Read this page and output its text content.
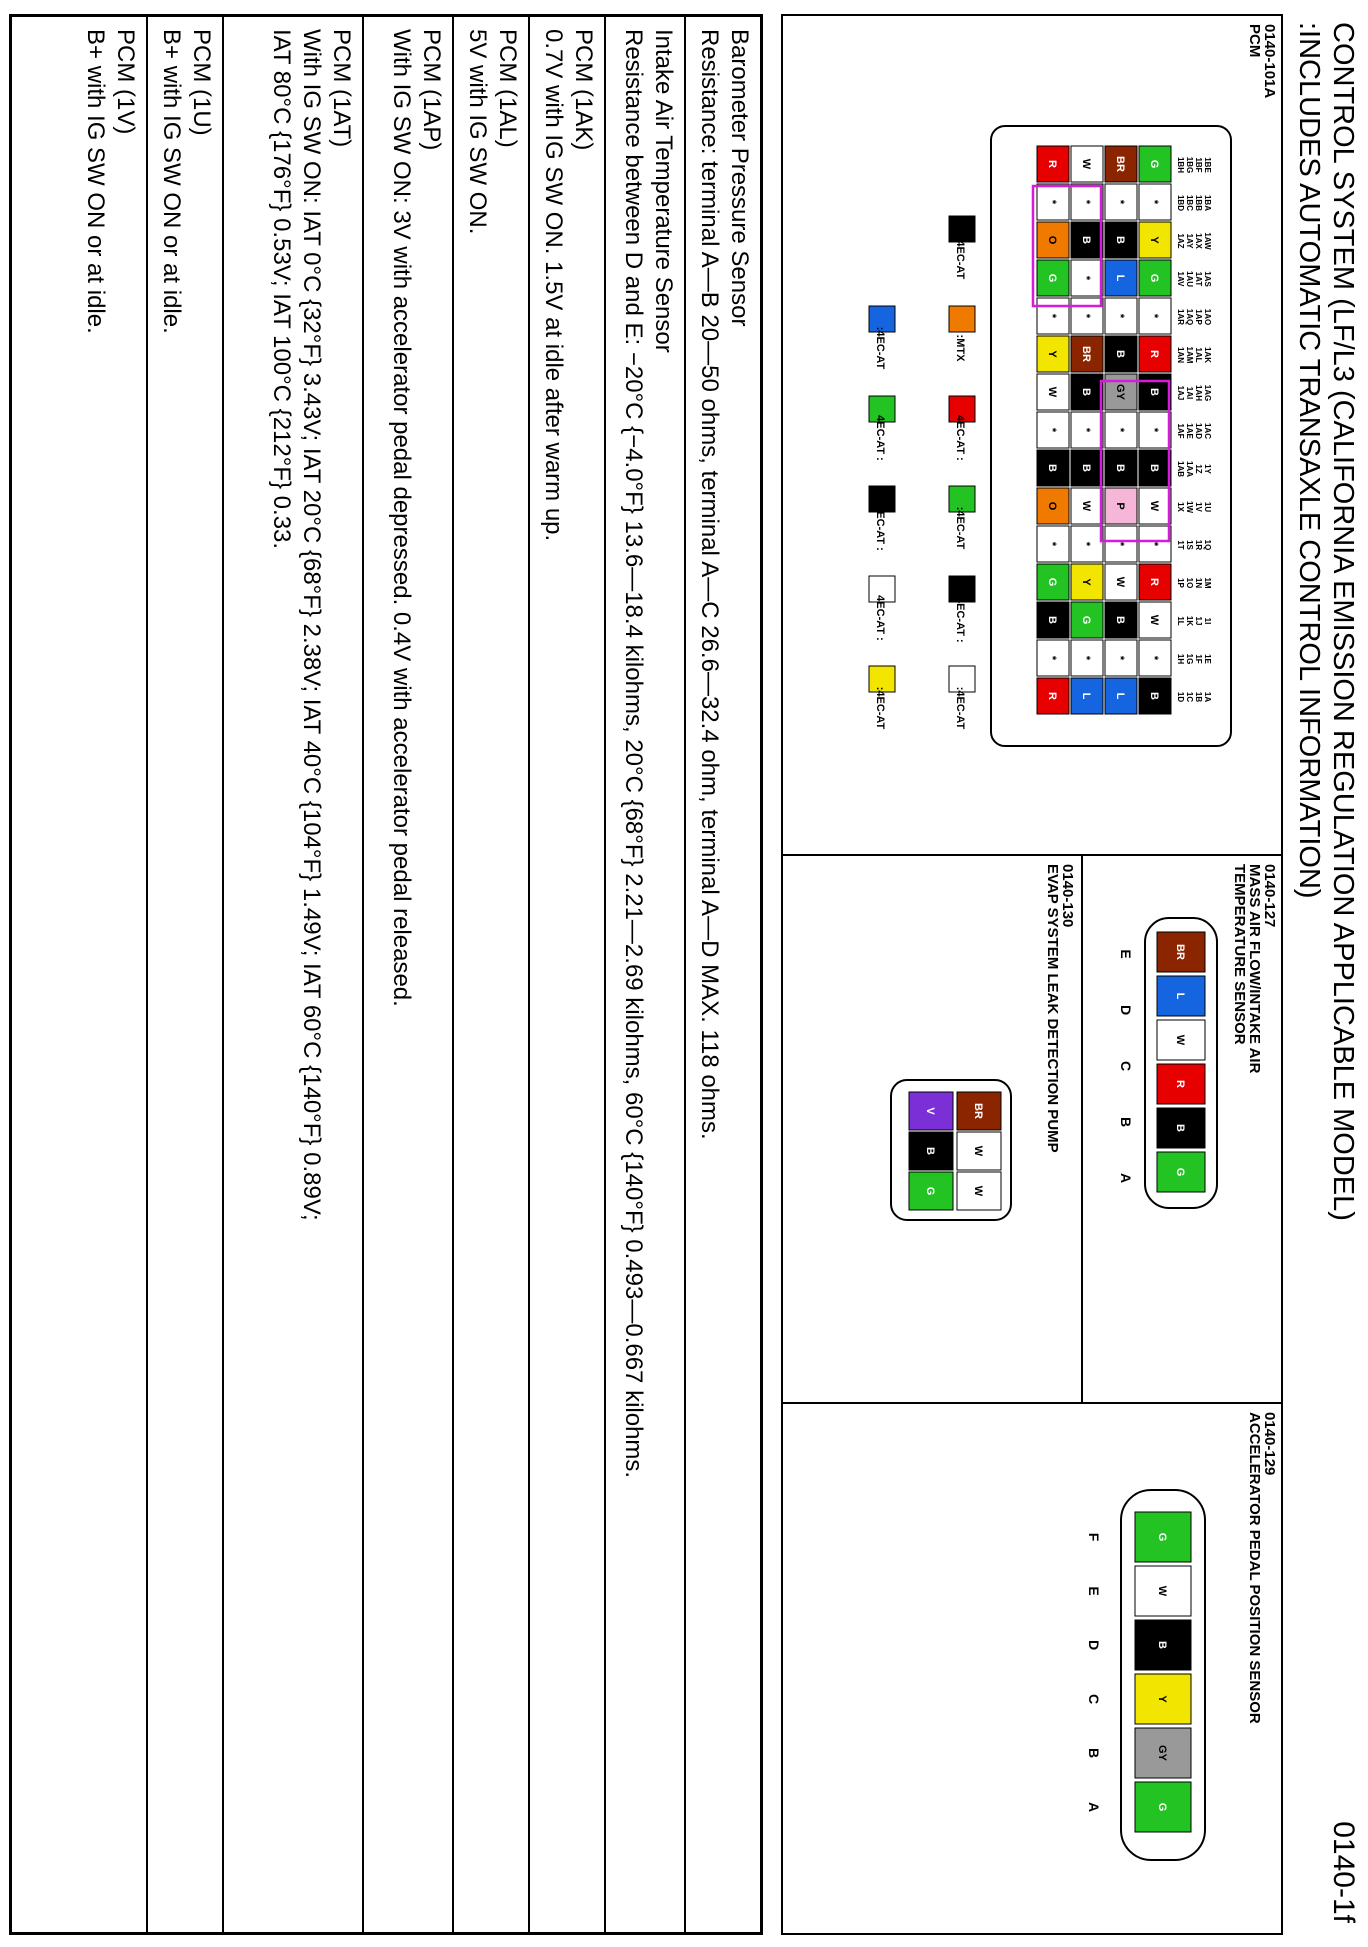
CONTROL SYSTEM (LF/L3 (CALIFORNIA EMISSION REGULATION APPLICABLE MODEL)
:INCLUDES AUTOMATIC TRANSAXLE CONTROL INFORMATION)
0140-1f
0140-101A
PCM
1BE
G
1BA
*
1AW
Y
1AS
G
1AO
*
1AK
R
1AG
B
1AC
*
1Y
B
1U
W
1Q
*
1M
R
1I
W
1E
*
1A
B
1BF
BR
1BB
*
1AX
B
1AT
L
1AP
*
1AL
B
1AH
GY
1AD
*
1Z
B
1V
P
1R
*
1N
W
1J
B
1F
*
1B
L
1BG
W
1BC
*
1AY
B
1AU
*
1AQ
*
1AM
BR
1AI
B
1AE
*
1AA
B
1W
W
1S
*
1O
Y
1K
G
1G
*
1C
L
1BH
R
1BD
*
1AZ
O
1AV
G
1AR
*
1AN
Y
1AJ
W
1AF
*
1AB
B
1X
O
1T
*
1P
G
1L
B
1H
*
1D
R
:4EC-AT
:4EC-AT :
:4EC-AT
4EC-AT :
:MTX
:4EC-AT
:4EC-AT
4EC-AT :
4EC-AT :
4EC-AT :
:4EC-AT
0140-127
MASS AIR FLOW/INTAKE AIR
TEMPERATURE SENSOR
BR
L
W
R
B
G
E
D
C
B
A
0140-130
EVAP SYSTEM LEAK DETECTION PUMP
BR
W
W
V
B
G
0140-129
ACCELERATOR PEDAL POSITION SENSOR
G
W
B
Y
GY
G
F
E
D
C
B
A
Barometer Pressure Sensor
Resistance: terminal A—B 20—50 ohms, terminal A—C 26.6—32.4 ohm, terminal A—D MAX. 118 ohms.
Intake Air Temperature Sensor
Resistance between D and E: −20°C {−4.0°F} 13.6—18.4 kilohms, 20°C {68°F} 2.21—2.69 kilohms, 60°C {140°F} 0.493—0.667 kilohms.
PCM (1AK)
0.7V with IG SW ON. 1.5V at idle after warm up.
PCM (1AL)
5V with IG SW ON.
PCM (1AP)
With IG SW ON: 3V with accelerator pedal depressed. 0.4V with accelerator pedal released.
PCM (1AT)
With IG SW ON: IAT 0°C {32°F} 3.43V; IAT 20°C {68°F} 2.38V; IAT 40°C {104°F} 1.49V; IAT 60°C {140°F} 0.89V;
IAT 80°C {176°F} 0.53V; IAT 100°C {212°F} 0.33.
PCM (1U)
B+ with IG SW ON or at idle.
PCM (1V)
B+ with IG SW ON or at idle.
